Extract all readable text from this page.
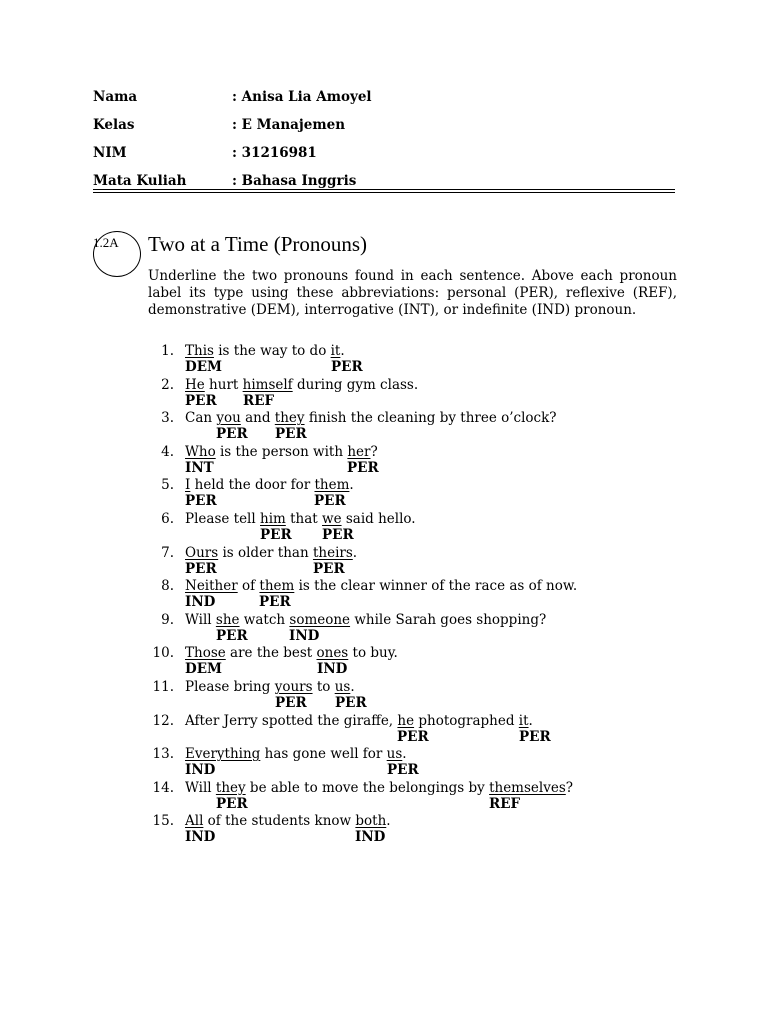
Nama	: Anisa Lia Amoyel
Kelas	: E Manajemen
NIM	: 31216981
Mata Kuliah	: Bahasa Inggris
1.2A Two at a Time (Pronouns)
Underline the two pronouns found in each sentence. Above each pronoun label its type using these abbreviations: personal (PER), reflexive (REF), demonstrative (DEM), interrogative (INT), or indefinite (IND) pronoun.
1. This is the way to do it.
DEM	PER
2. He hurt himself during gym class.
PER REF
3. Can you and they finish the cleaning by three o’clock?
PER PER
4. Who is the person with her?
INT	PER
5. I held the door for them.
PER	PER
6. Please tell him that we said hello.
PER PER
7. Ours is older than theirs.
PER	PER
8. Neither of them is the clear winner of the race as of now.
IND	PER
9. Will she watch someone while Sarah goes shopping?
PER	IND
10. Those are the best ones to buy.
DEM	IND
11. Please bring yours to us.
PER PER
12. After Jerry spotted the giraffe, he photographed it.
PER	PER
13. Everything has gone well for us.
IND	PER
14. Will they be able to move the belongings by themselves?
PER	REF
15. All of the students know both.
IND	IND
